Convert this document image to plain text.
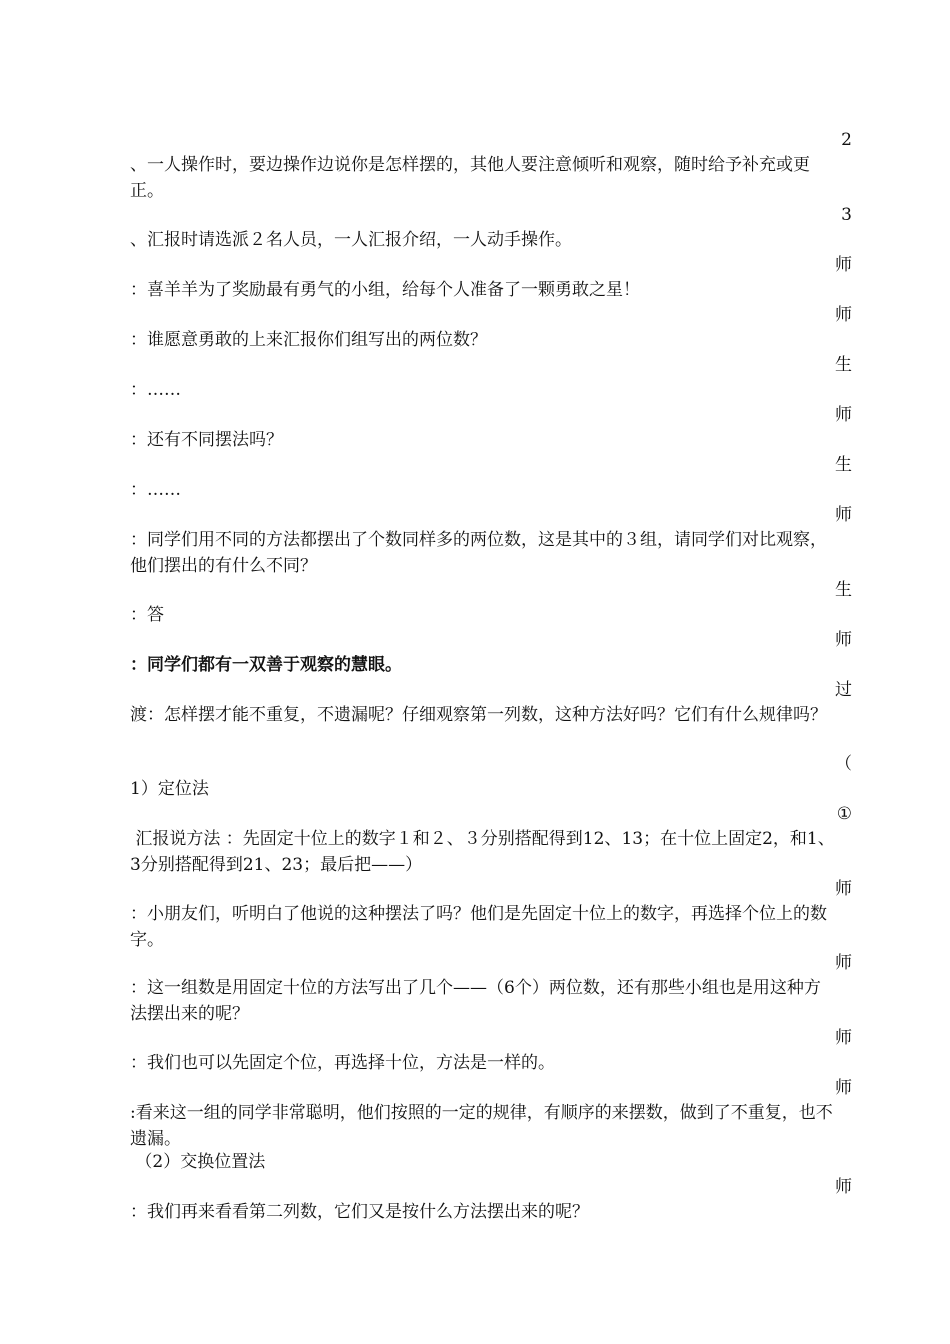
2
、一人操作时，要边操作边说你是怎样摆的，其他人要注意倾听和观察，随时给予补充或更正。
3
、汇报时请选派２名人员，一人汇报介绍，一人动手操作。
师
：喜羊羊为了奖励最有勇气的小组，给每个人准备了一颗勇敢之星！
师
：谁愿意勇敢的上来汇报你们组写出的两位数？
生
：……
师
：还有不同摆法吗？
生
：……
师
：同学们用不同的方法都摆出了个数同样多的两位数，这是其中的３组，请同学们对比观察，他们摆出的有什么不同？
生
：答
师
：同学们都有一双善于观察的慧眼。
过
渡：怎样摆才能不重复，不遗漏呢？仔细观察第一列数，这种方法好吗？它们有什么规律吗？
（
1）定位法
①
汇报说方法 ：先固定十位上的数字１和２、３分别搭配得到12、13；在十位上固定2，和1、3分别搭配得到21、23；最后把——）
师
：小朋友们，听明白了他说的这种摆法了吗？他们是先固定十位上的数字，再选择个位上的数字。
师
：这一组数是用固定十位的方法写出了几个——（6个）两位数，还有那些小组也是用这种方法摆出来的呢？
师
：我们也可以先固定个位，再选择十位，方法是一样的。
师
:看来这一组的同学非常聪明，他们按照的一定的规律，有顺序的来摆数，做到了不重复，也不遗漏。
（2）交换位置法
师
：我们再来看看第二列数，它们又是按什么方法摆出来的呢？
